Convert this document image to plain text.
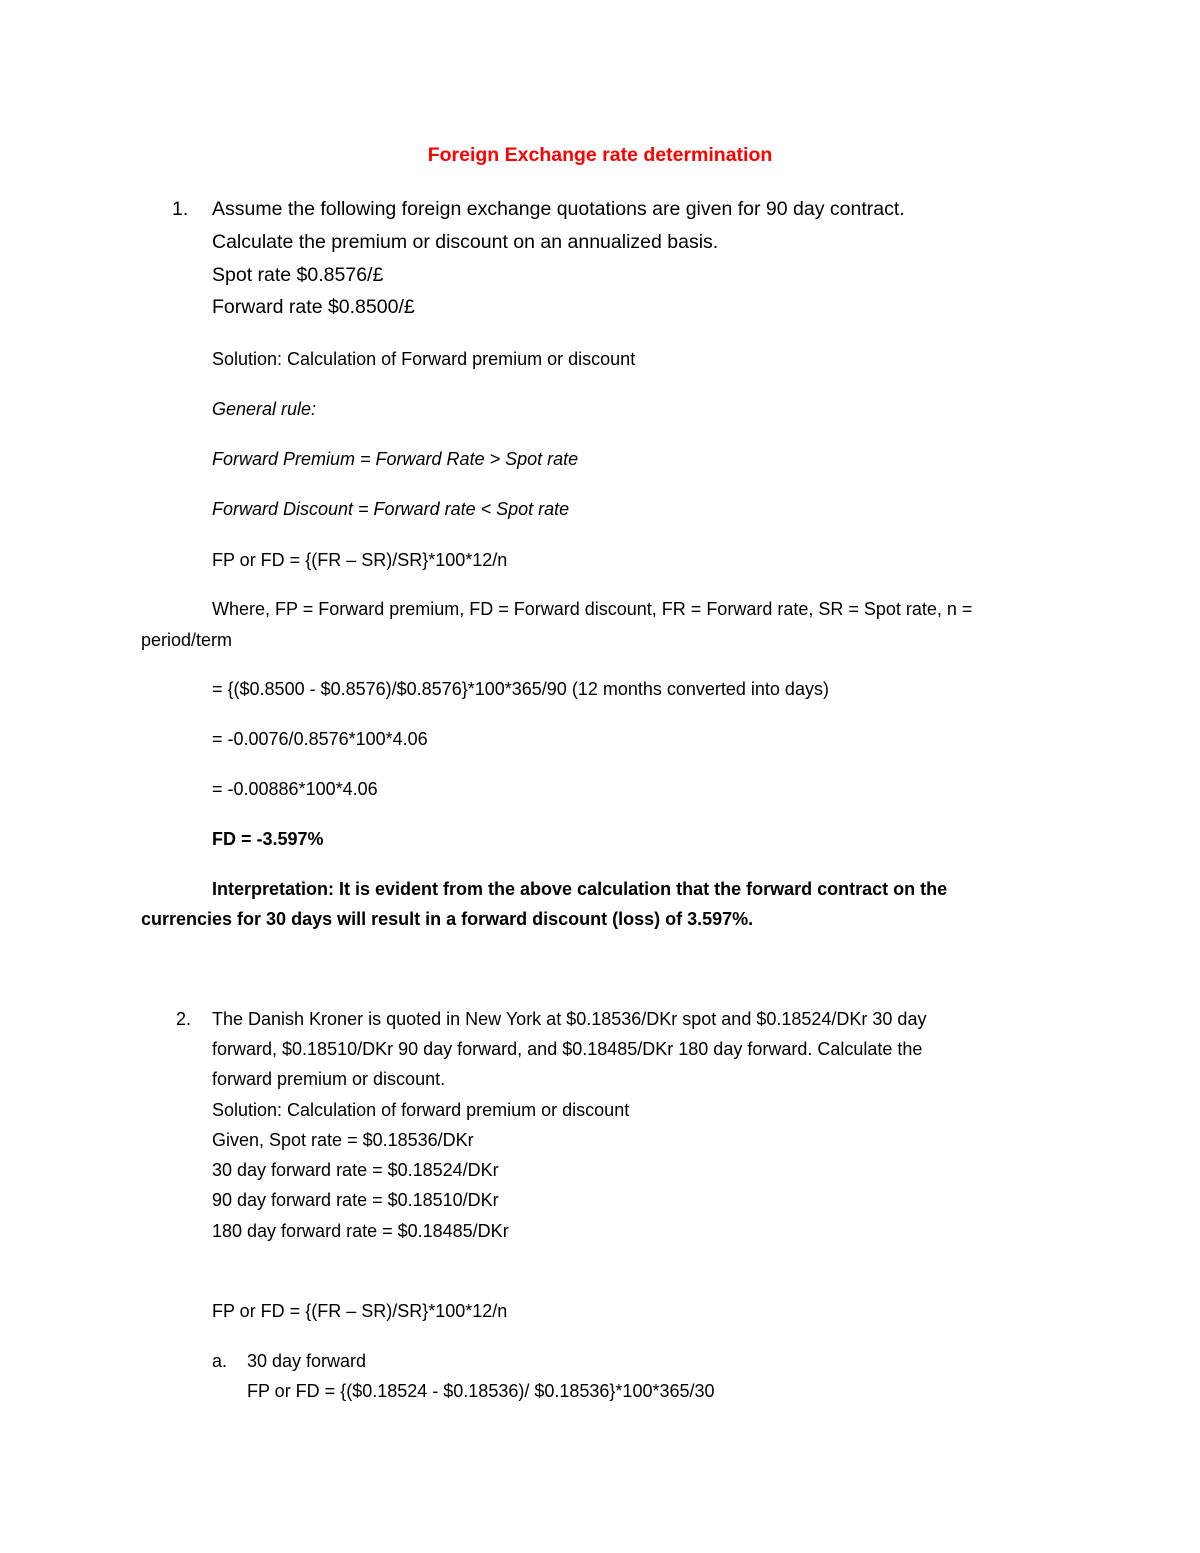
Foreign Exchange rate determination
1. Assume the following foreign exchange quotations are given for 90 day contract.
Calculate the premium or discount on an annualized basis.
Spot rate $0.8576/£
Forward rate $0.8500/£
Solution: Calculation of Forward premium or discount
General rule:
Forward Premium = Forward Rate > Spot rate
Forward Discount = Forward rate < Spot rate
FP or FD = {(FR – SR)/SR}*100*12/n
Where, FP = Forward premium, FD = Forward discount, FR = Forward rate, SR = Spot rate, n =
period/term
= {($0.8500 - $0.8576)/$0.8576}*100*365/90 (12 months converted into days)
= -0.0076/0.8576*100*4.06
= -0.00886*100*4.06
FD = -3.597%
Interpretation: It is evident from the above calculation that the forward contract on the
currencies for 30 days will result in a forward discount (loss) of 3.597%.
2. The Danish Kroner is quoted in New York at $0.18536/DKr spot and $0.18524/DKr 30 day
forward, $0.18510/DKr 90 day forward, and $0.18485/DKr 180 day forward. Calculate the
forward premium or discount.
Solution: Calculation of forward premium or discount
Given, Spot rate = $0.18536/DKr
30 day forward rate = $0.18524/DKr
90 day forward rate = $0.18510/DKr
180 day forward rate = $0.18485/DKr
FP or FD = {(FR – SR)/SR}*100*12/n
a. 30 day forward
FP or FD = {($0.18524 - $0.18536)/ $0.18536}*100*365/30
